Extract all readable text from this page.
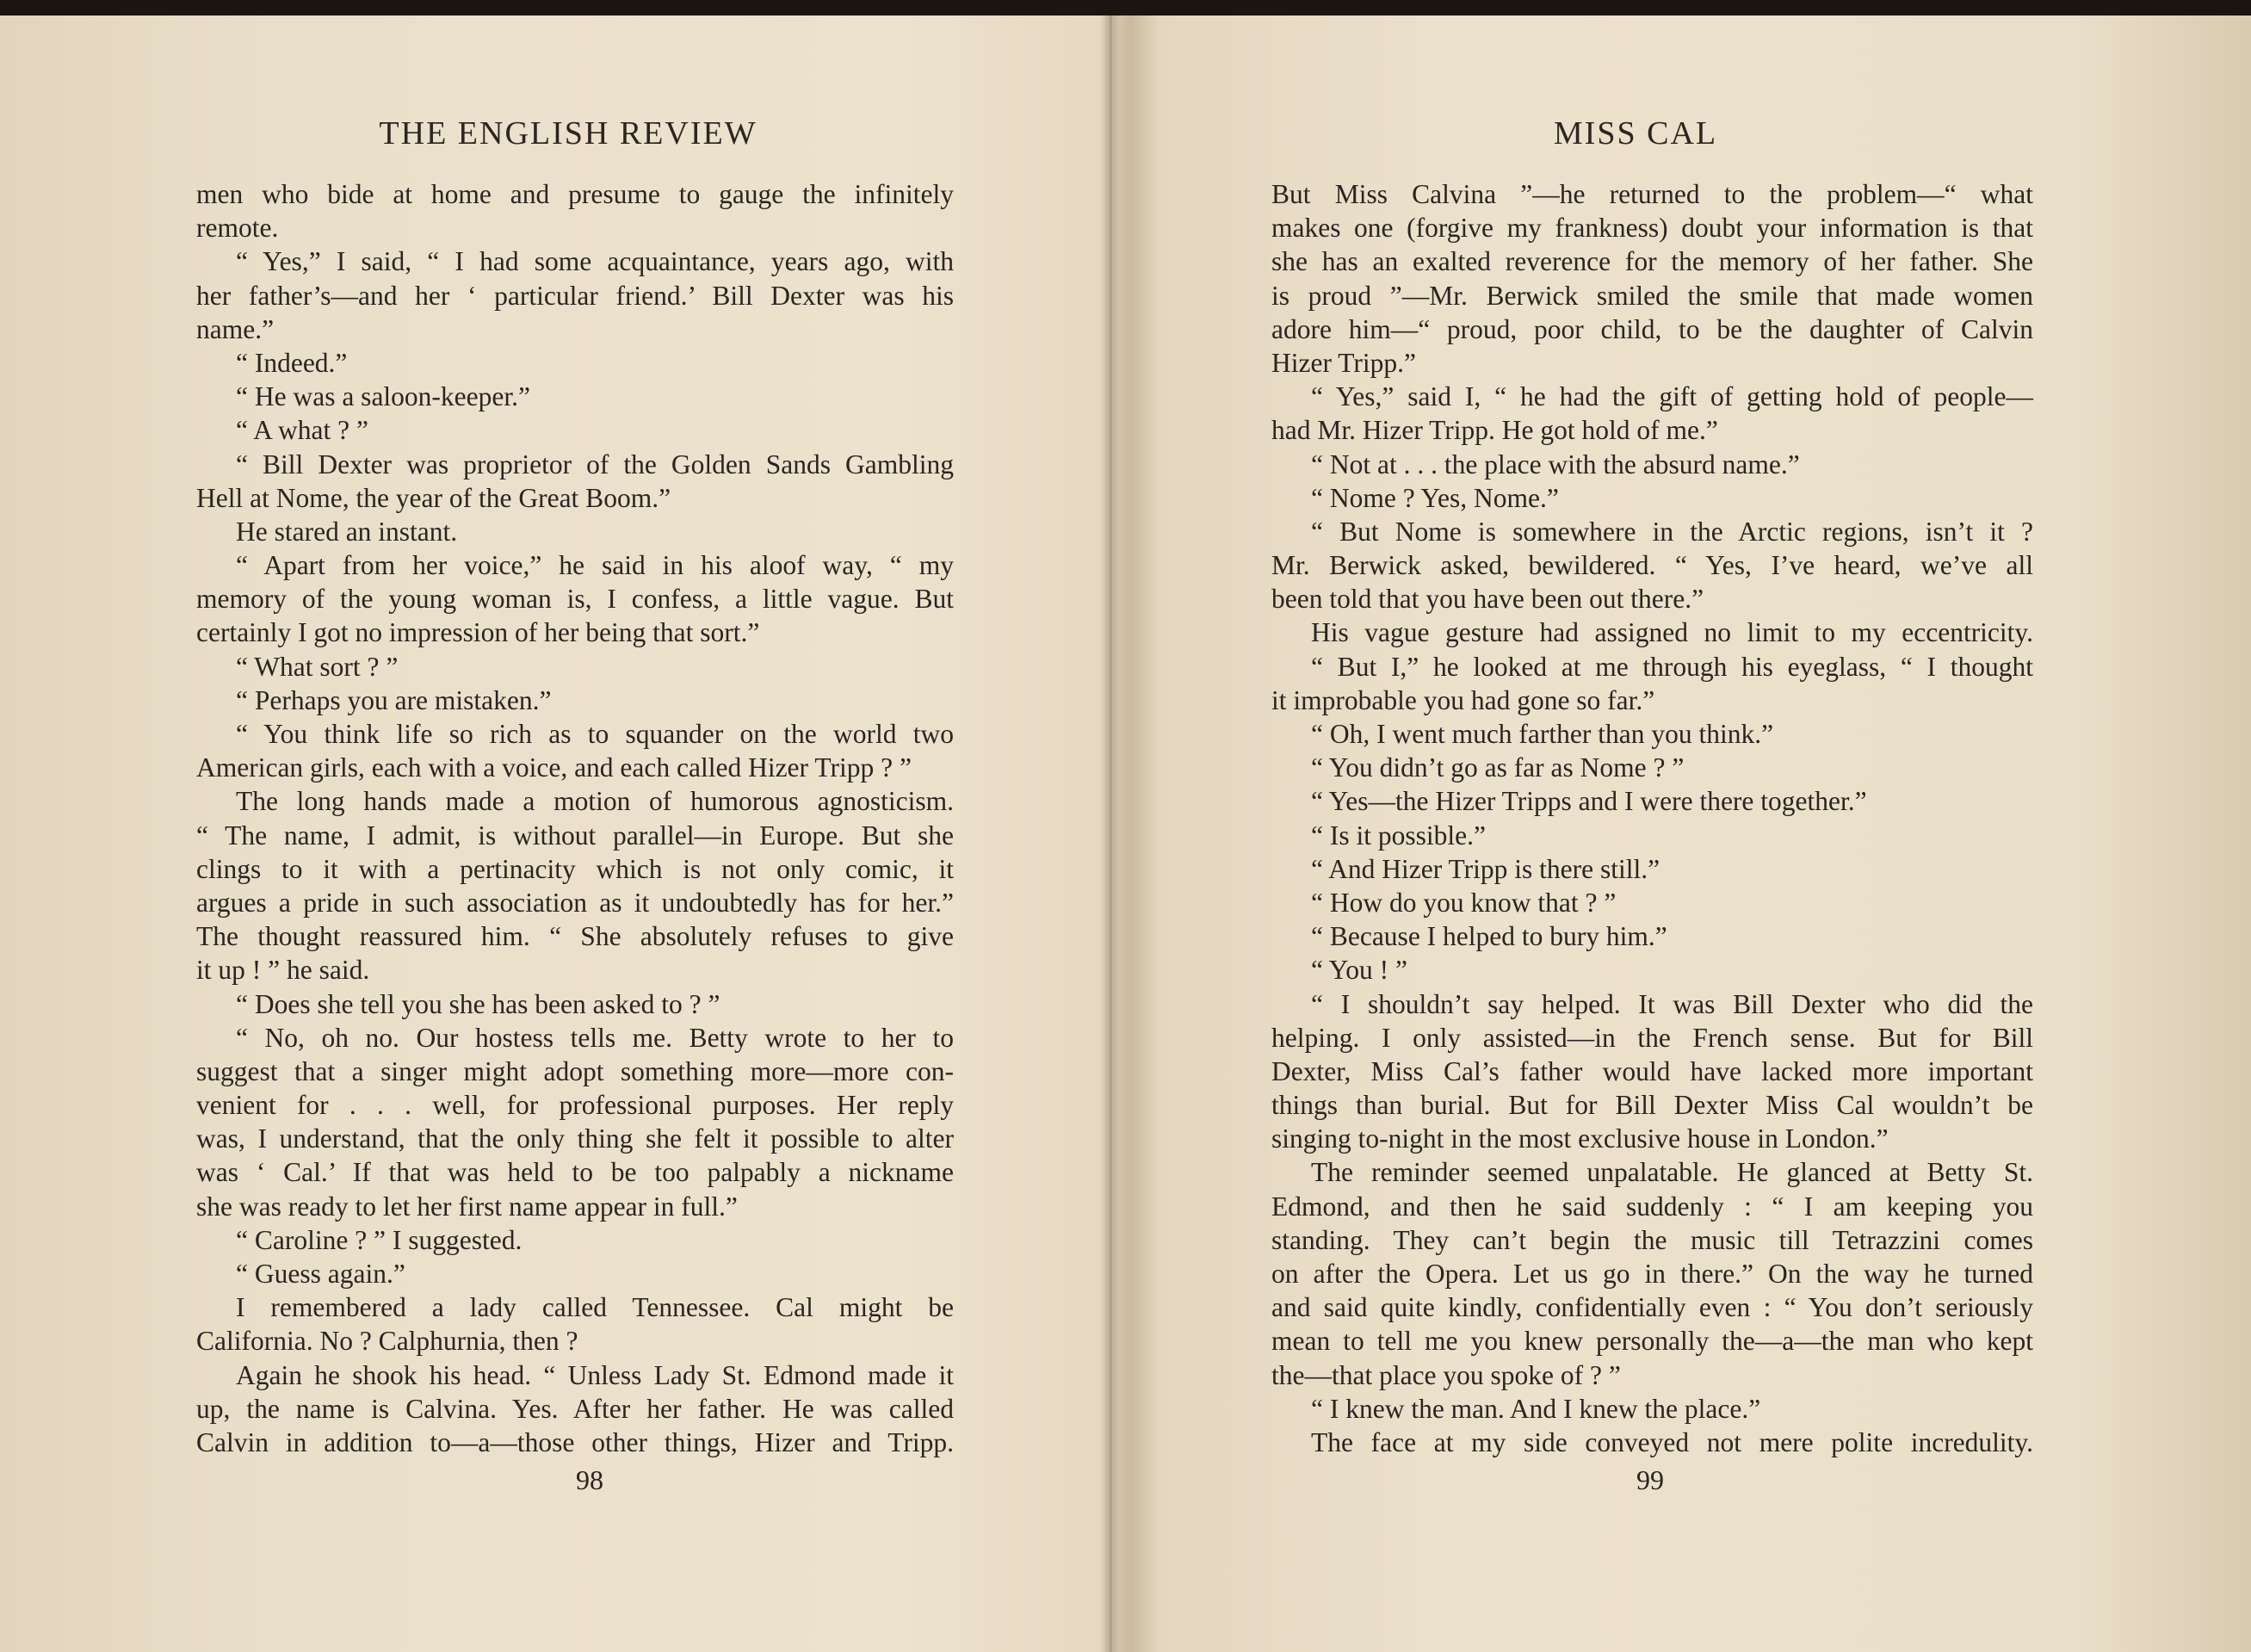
THE ENGLISH REVIEW
men who bide at home and presume to gauge the infinitely
remote.
“ Yes,” I said, “ I had some acquaintance, years ago, with
her father’s—and her ‘ particular friend.’ Bill Dexter was his
name.”
“ Indeed.”
“ He was a saloon-keeper.”
“ A what ? ”
“ Bill Dexter was proprietor of the Golden Sands Gambling
Hell at Nome, the year of the Great Boom.”
He stared an instant.
“ Apart from her voice,” he said in his aloof way, “ my
memory of the young woman is, I confess, a little vague. But
certainly I got no impression of her being that sort.”
“ What sort ? ”
“ Perhaps you are mistaken.”
“ You think life so rich as to squander on the world two
American girls, each with a voice, and each called Hizer Tripp ? ”
The long hands made a motion of humorous agnosticism.
“ The name, I admit, is without parallel—in Europe. But she
clings to it with a pertinacity which is not only comic, it
argues a pride in such association as it undoubtedly has for her.”
The thought reassured him. “ She absolutely refuses to give
it up ! ” he said.
“ Does she tell you she has been asked to ? ”
“ No, oh no. Our hostess tells me. Betty wrote to her to
suggest that a singer might adopt something more—more con-
venient for . . . well, for professional purposes. Her reply
was, I understand, that the only thing she felt it possible to alter
was ‘ Cal.’ If that was held to be too palpably a nickname
she was ready to let her first name appear in full.”
“ Caroline ? ” I suggested.
“ Guess again.”
I remembered a lady called Tennessee. Cal might be
California. No ? Calphurnia, then ?
Again he shook his head. “ Unless Lady St. Edmond made it
up, the name is Calvina. Yes. After her father. He was called
Calvin in addition to—a—those other things, Hizer and Tripp.
98
MISS CAL
But Miss Calvina ”—he returned to the problem—“ what
makes one (forgive my frankness) doubt your information is that
she has an exalted reverence for the memory of her father. She
is proud ”—Mr. Berwick smiled the smile that made women
adore him—“ proud, poor child, to be the daughter of Calvin
Hizer Tripp.”
“ Yes,” said I, “ he had the gift of getting hold of people—
had Mr. Hizer Tripp. He got hold of me.”
“ Not at . . . the place with the absurd name.”
“ Nome ? Yes, Nome.”
“ But Nome is somewhere in the Arctic regions, isn’t it ?
Mr. Berwick asked, bewildered. “ Yes, I’ve heard, we’ve all
been told that you have been out there.”
His vague gesture had assigned no limit to my eccentricity.
“ But I,” he looked at me through his eyeglass, “ I thought
it improbable you had gone so far.”
“ Oh, I went much farther than you think.”
“ You didn’t go as far as Nome ? ”
“ Yes—the Hizer Tripps and I were there together.”
“ Is it possible.”
“ And Hizer Tripp is there still.”
“ How do you know that ? ”
“ Because I helped to bury him.”
“ You ! ”
“ I shouldn’t say helped. It was Bill Dexter who did the
helping. I only assisted—in the French sense. But for Bill
Dexter, Miss Cal’s father would have lacked more important
things than burial. But for Bill Dexter Miss Cal wouldn’t be
singing to-night in the most exclusive house in London.”
The reminder seemed unpalatable. He glanced at Betty St.
Edmond, and then he said suddenly : “ I am keeping you
standing. They can’t begin the music till Tetrazzini comes
on after the Opera. Let us go in there.” On the way he turned
and said quite kindly, confidentially even : “ You don’t seriously
mean to tell me you knew personally the—a—the man who kept
the—that place you spoke of ? ”
“ I knew the man. And I knew the place.”
The face at my side conveyed not mere polite incredulity.
99
